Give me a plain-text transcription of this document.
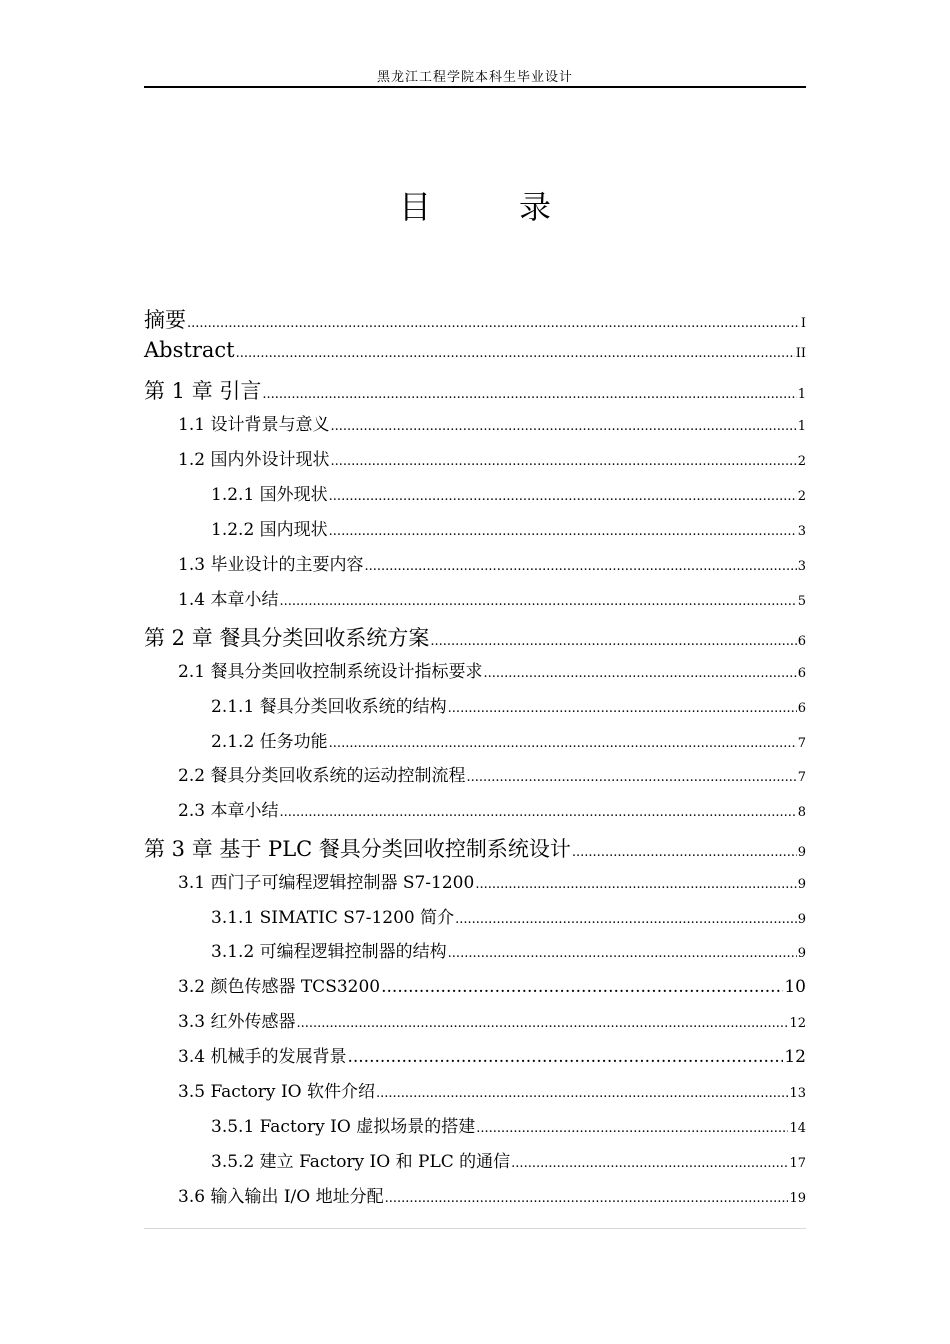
黑龙江工程学院本科生毕业设计
目　录
摘要 .....	I
Abstract .....	II
第 1 章 引言 .....	1
1.1 设计背景与意义 .....	1
1.2 国内外设计现状 .....	2
1.2.1 国外现状 .....	2
1.2.2 国内现状 .....	3
1.3 毕业设计的主要内容 .....	3
1.4 本章小结 .....	5
第 2 章 餐具分类回收系统方案 .....	6
2.1 餐具分类回收控制系统设计指标要求 .....	6
2.1.1 餐具分类回收系统的结构 .....	6
2.1.2 任务功能 .....	7
2.2 餐具分类回收系统的运动控制流程 .....	7
2.3 本章小结 .....	8
第 3 章 基于 PLC 餐具分类回收控制系统设计 .....	9
3.1 西门子可编程逻辑控制器 S7-1200 .....	9
3.1.1 SIMATIC S7-1200 简介 .....	9
3.1.2 可编程逻辑控制器的结构 .....	9
3.2 颜色传感器 TCS3200 .....	10
3.3 红外传感器 .....	12
3.4 机械手的发展背景 .....	12
3.5 Factory IO 软件介绍 .....	13
3.5.1 Factory IO 虚拟场景的搭建 .....	14
3.5.2 建立 Factory IO 和 PLC 的通信 .....	17
3.6 输入输出 I/O 地址分配 .....	19
